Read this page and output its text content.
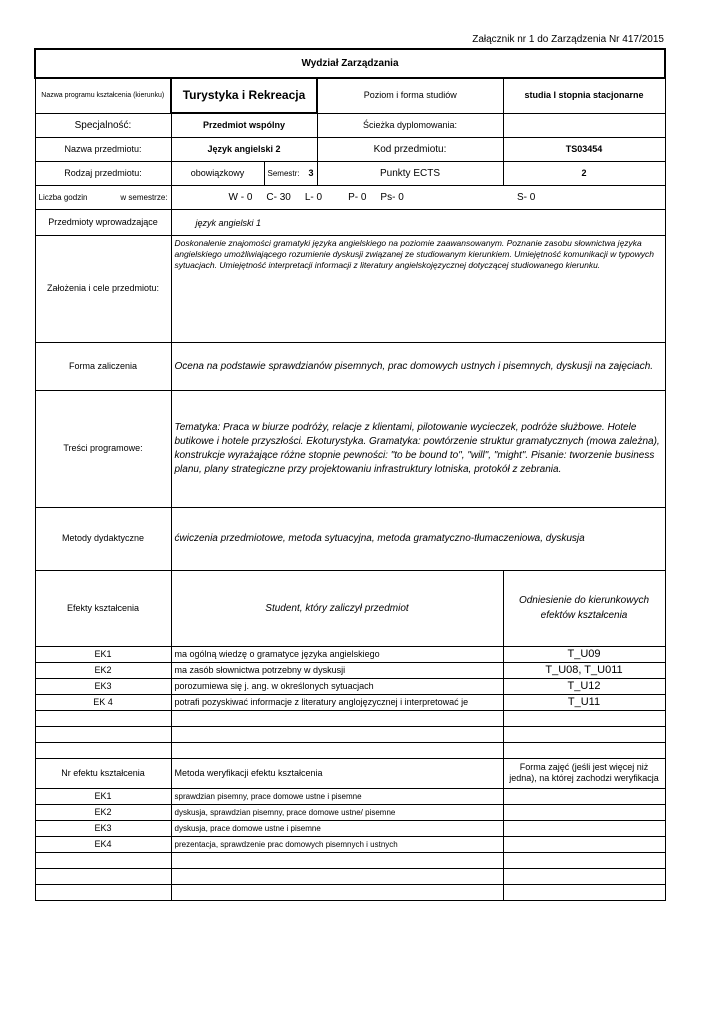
Załącznik nr 1 do Zarządzenia Nr 417/2015
Wydział Zarządzania				
Nazwa programu kształcenia (kierunku)	Turystyka i Rekreacja		Poziom i forma studiów	studia I stopnia stacjonarne
Specjalność:	Przedmiot wspólny		Ścieżka dyplomowania:	
Nazwa przedmiotu:	Język angielski 2		Kod przedmiotu:	TS03454
Rodzaj przedmiotu:	obowiązkowy	Semestr: 3	Punkty ECTS	2

Liczba godzin w semestrze:	W - 0 C- 30 L- 0 P- 0 Ps- 0			S- 0
Przedmioty wprowadzające	język angielski 1			
Założenia i cele przedmiotu:	Doskonalenie znajomości gramatyki języka angielskiego na poziomie zaawansowanym. Poznanie zasobu słownictwa języka angielskiego umożliwiającego rozumienie dyskusji związanej ze studiowanym kierunkiem. Umiejętność komunikacji w typowych sytuacjach. Umiejętność interpretacji informacji z literatury angielskojęzycznej dotyczącej studiowanego kierunku.			
Forma zaliczenia	Ocena na podstawie sprawdzianów pisemnych, prac domowych ustnych i pisemnych, dyskusji na zajęciach.			
Treści programowe:	Tematyka: Praca w biurze podróży, relacje z klientami, pilotowanie wycieczek, podróże służbowe. Hotele butikowe i hotele przyszłości. Ekoturystyka. Gramatyka: powtórzenie struktur gramatycznych (mowa zależna), konstrukcje wyrażające różne stopnie pewności: "to be bound to", "will", "might". Pisanie: tworzenie business planu, plany strategiczne przy projektowaniu infrastruktury lotniska, protokół z zebrania.			
Metody dydaktyczne	ćwiczenia przedmiotowe, metoda sytuacyjna, metoda gramatyczno-tłumaczeniowa, dyskusja			
Efekty kształcenia	Student, który zaliczył przedmiot			Odniesienie do kierunkowych efektów kształcenia
EK1	ma ogólną wiedzę o gramatyce języka angielskiego			T_U09
EK2	ma zasób słownictwa potrzebny w dyskusji			T_U08, T_U011
EK3	porozumiewa się j. ang. w określonych sytuacjach			T_U12
EK 4	potrafi pozyskiwać informacje z literatury anglojęzycznej i interpretować je			T_U11

Nr efektu kształcenia	Metoda weryfikacji efektu kształcenia			Forma zajęć (jeśli jest więcej niż jedna), na której zachodzi weryfikacja
EK1	sprawdzian pisemny, prace domowe ustne i pisemne			
EK2	dyskusja, sprawdzian pisemny, prace domowe ustne/ pisemne			
EK3	dyskusja, prace domowe ustne i pisemne			
EK4	prezentacja, sprawdzenie prac domowych pisemnych i ustnych			
